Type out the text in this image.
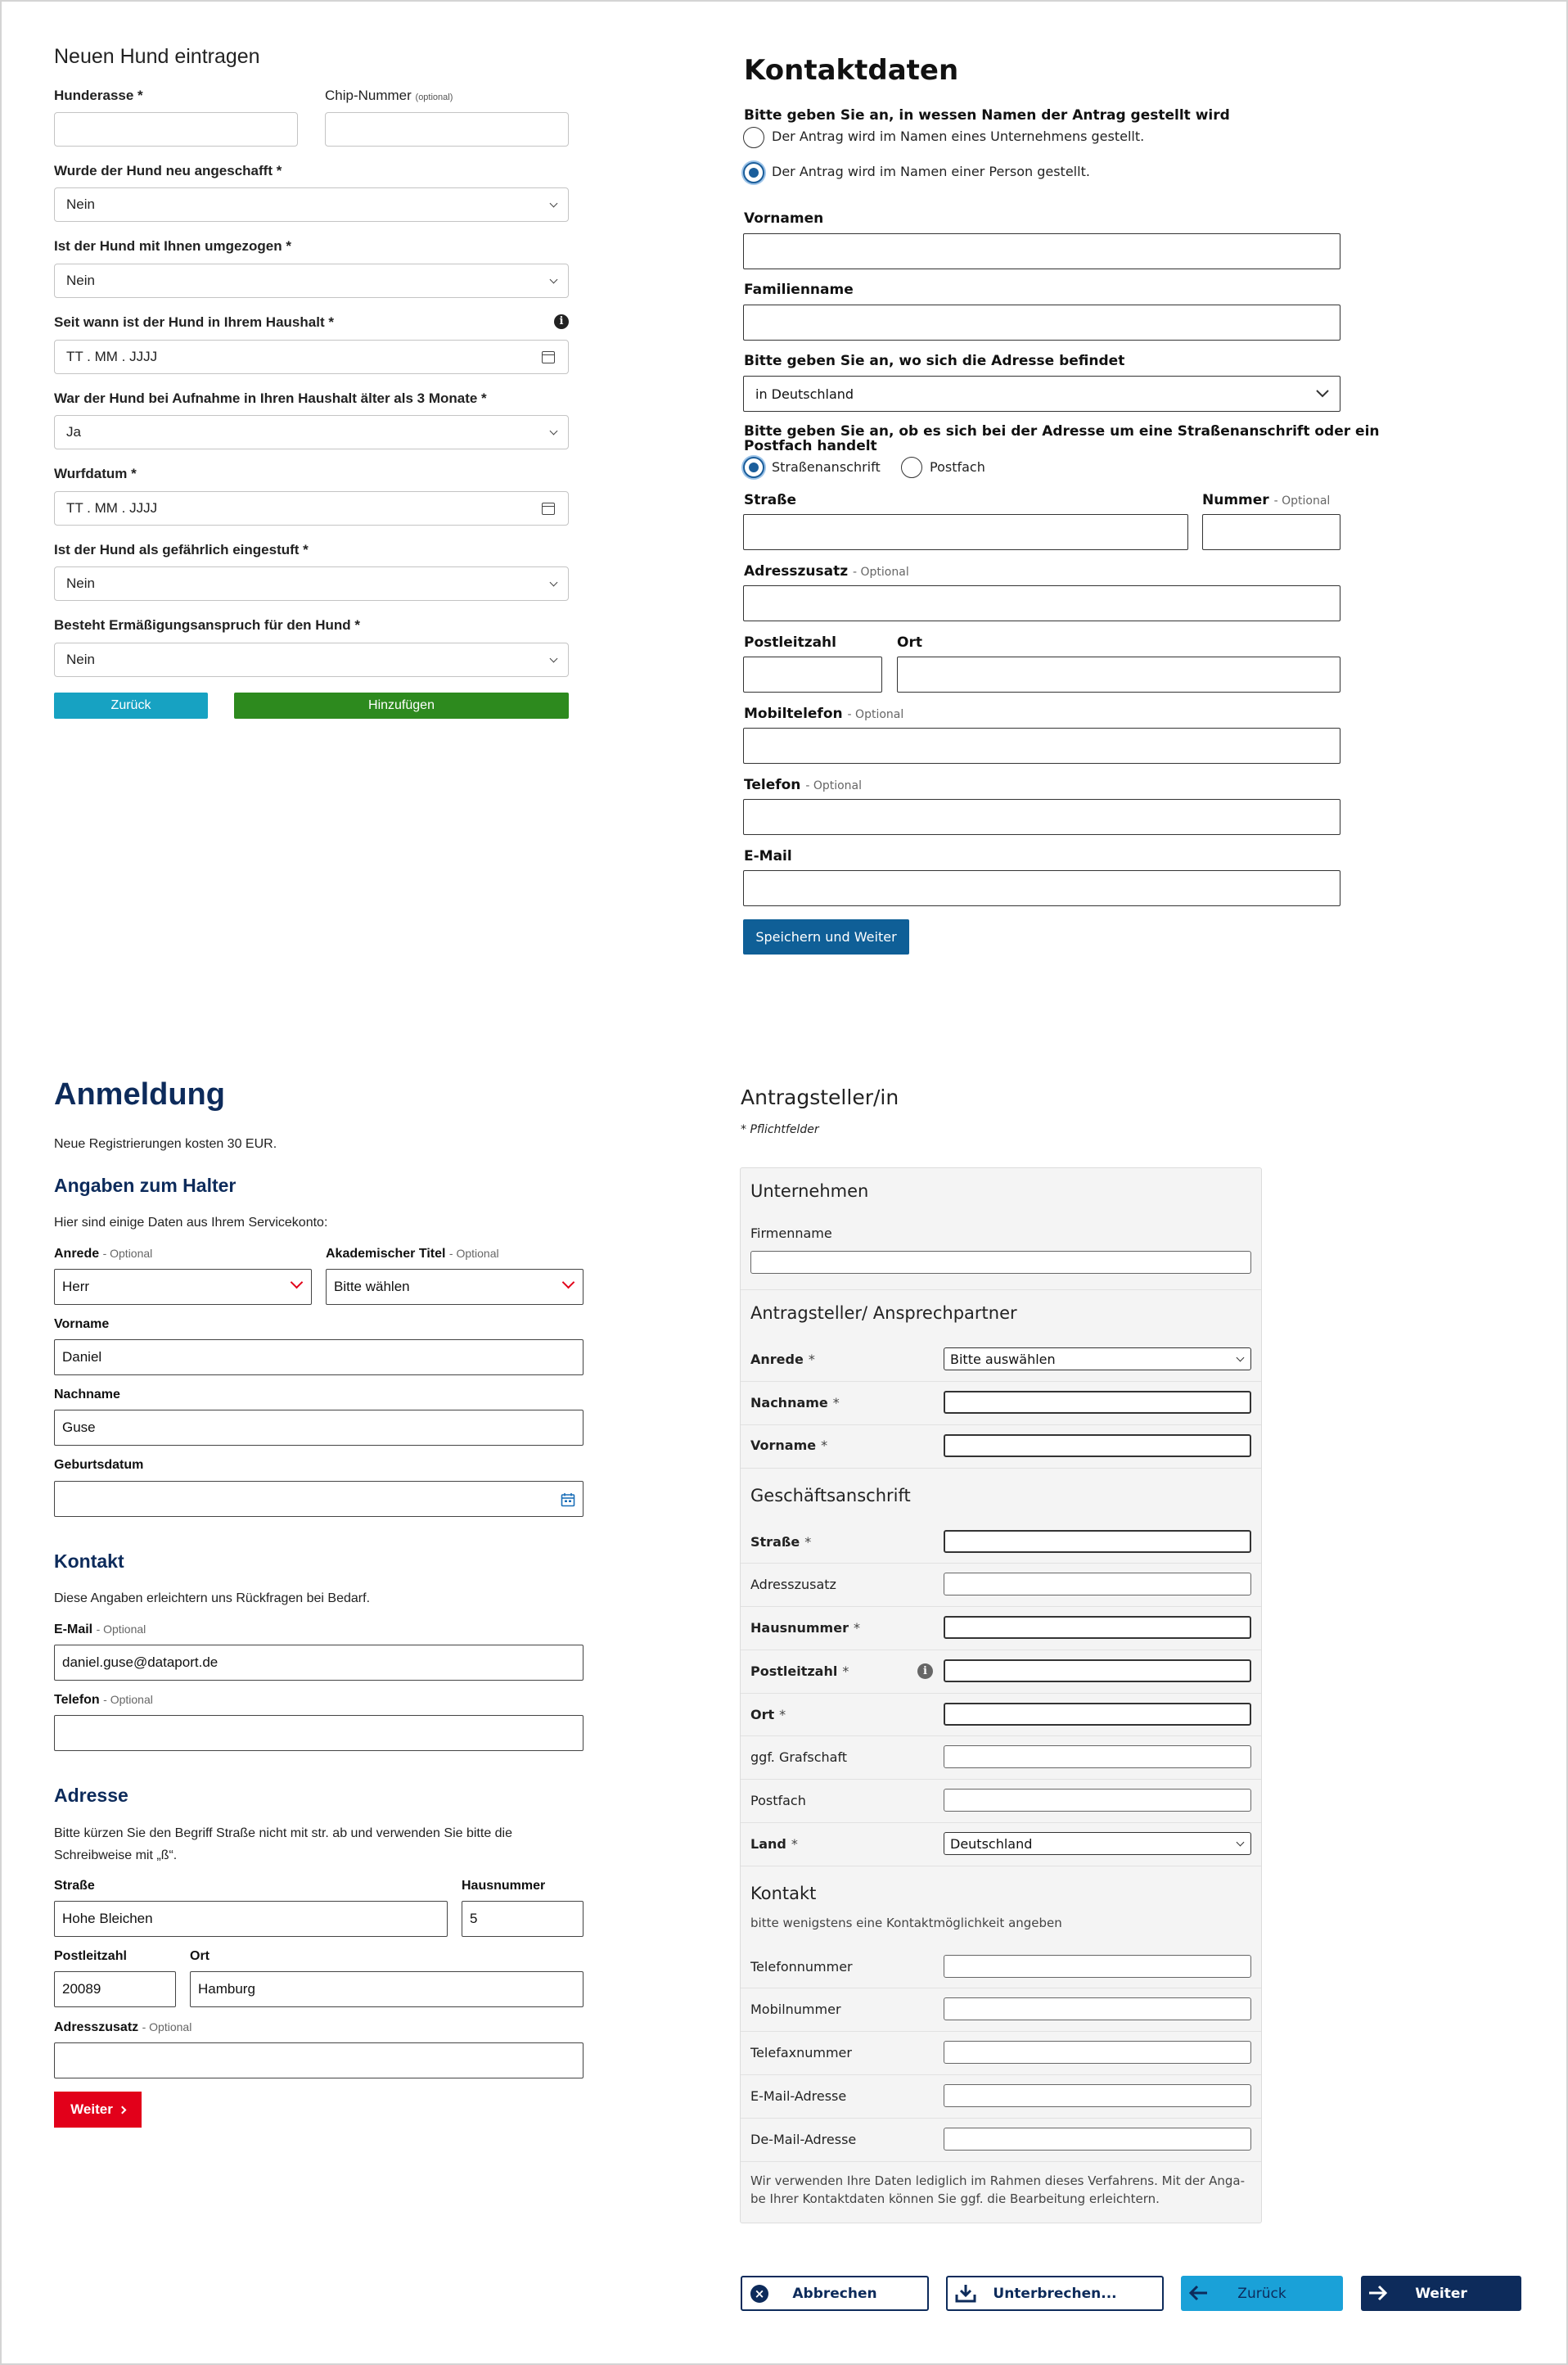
Neuen Hund eintragen
Hunderasse *	Chip-Nummer (optional)
Wurde der Hund neu angeschafft *
Nein
Ist der Hund mit Ihnen umgezogen *
Nein
Seit wann ist der Hund in Ihrem Haushalt *	i
TT . MM . JJJJ
War der Hund bei Aufnahme in Ihren Haushalt älter als 3 Monate *
Ja
Wurfdatum *
TT . MM . JJJJ
Ist der Hund als gefährlich eingestuft *
Nein
Besteht Ermäßigungsanspruch für den Hund *
Nein
Zurück	Hinzufügen
Kontaktdaten
Bitte geben Sie an, in wessen Namen der Antrag gestellt wird
Der Antrag wird im Namen eines Unternehmens gestellt.
Der Antrag wird im Namen einer Person gestellt.
Vornamen
Familienname
Bitte geben Sie an, wo sich die Adresse befindet
in Deutschland
Bitte geben Sie an, ob es sich bei der Adresse um eine Straßenanschrift oder ein
Postfach handelt
Straßenanschrift	Postfach
Straße	Nummer - Optional
Adresszusatz - Optional
Postleitzahl	Ort
Mobiltelefon - Optional
Telefon - Optional
E-Mail
Speichern und Weiter
Anmeldung
Neue Registrierungen kosten 30 EUR.
Angaben zum Halter
Hier sind einige Daten aus Ihrem Servicekonto:
Anrede - Optional
Herr
Akademischer Titel - Optional
Bitte wählen
Vorname
Daniel
Nachname
Guse
Geburtsdatum
Kontakt
Diese Angaben erleichtern uns Rückfragen bei Bedarf.
E-Mail - Optional
daniel.guse@dataport.de
Telefon - Optional
Adresse
Bitte kürzen Sie den Begriff Straße nicht mit str. ab und verwenden Sie bitte die
Schreibweise mit „ß“.
Straße
Hohe Bleichen
Hausnummer
5
Postleitzahl
20089
Ort
Hamburg
Adresszusatz - Optional
Weiter
Antragsteller/in
* Pflichtfelder
Unternehmen
Firmenname
Antragsteller/ Ansprechpartner
Anrede *	Bitte auswählen
Nachname *
Vorname *
Geschäftsanschrift
Straße *
Adresszusatz
Hausnummer *
Postleitzahl *	i
Ort *
ggf. Grafschaft
Postfach
Land *	Deutschland
Kontakt
bitte wenigstens eine Kontaktmöglichkeit angeben
Telefonnummer
Mobilnummer
Telefaxnummer
E-Mail-Adresse
De-Mail-Adresse
Wir verwenden Ihre Daten lediglich im Rahmen dieses Verfahrens. Mit der Anga-
be Ihrer Kontaktdaten können Sie ggf. die Bearbeitung erleichtern.
× Abbrechen	Unterbrechen...	Zurück	Weiter
